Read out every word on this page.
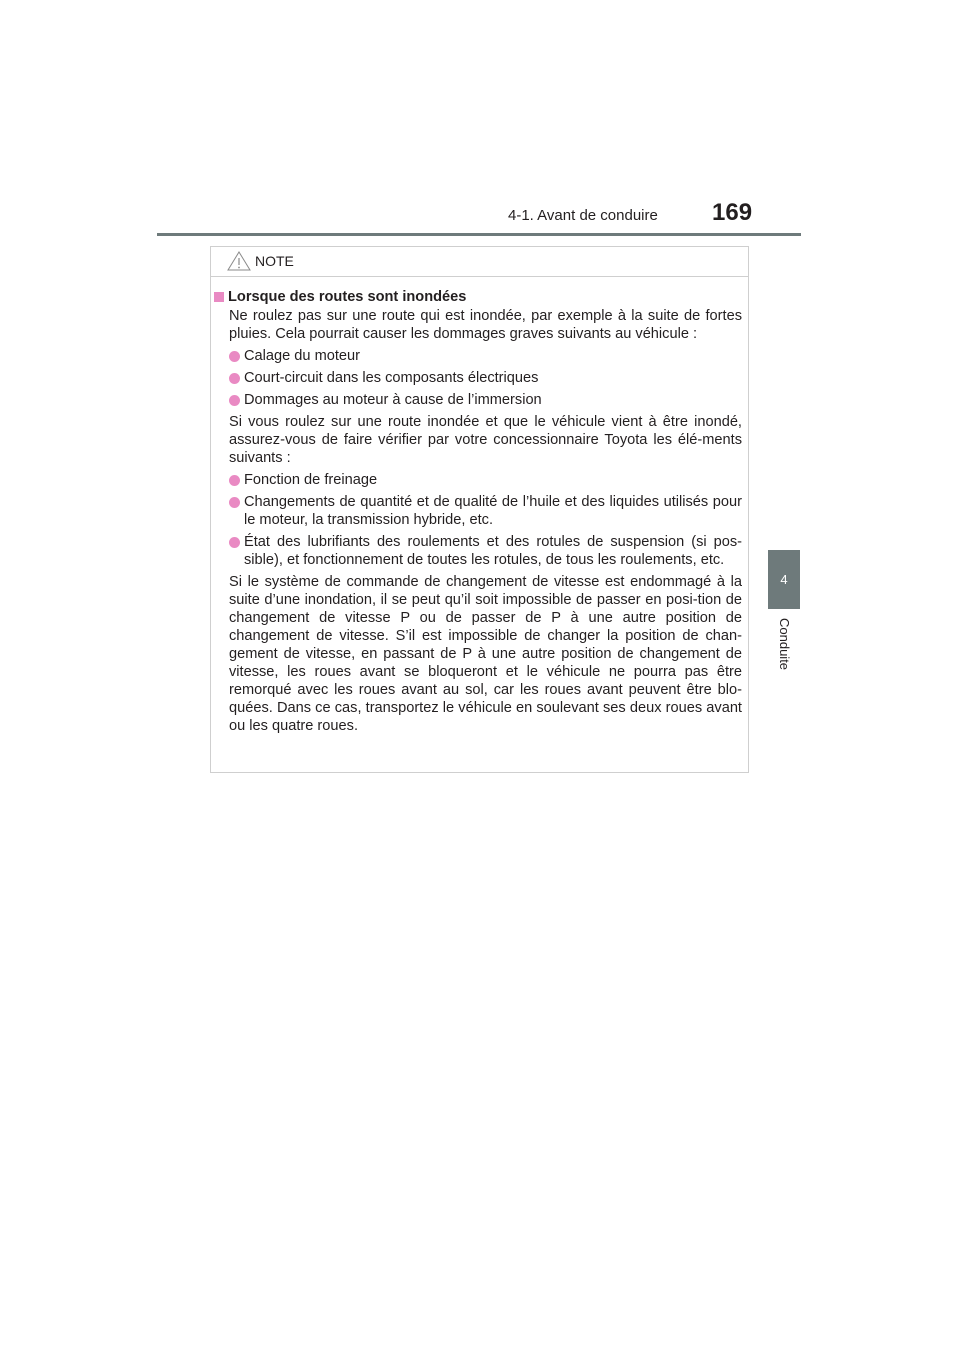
4-1. Avant de conduire	169
4
Conduite
NOTE
Lorsque des routes sont inondées

Ne roulez pas sur une route qui est inondée, par exemple à la suite de fortes pluies. Cela pourrait causer les dommages graves suivants au véhicule :

Calage du moteur
Court-circuit dans les composants électriques
Dommages au moteur à cause de l’immersion

Si vous roulez sur une route inondée et que le véhicule vient à être inondé, assurez-vous de faire vérifier par votre concessionnaire Toyota les élé-ments suivants :

Fonction de freinage
Changements de quantité et de qualité de l’huile et des liquides utilisés pour le moteur, la transmission hybride, etc.
État des lubrifiants des roulements et des rotules de suspension (si pos-sible), et fonctionnement de toutes les rotules, de tous les roulements, etc.

Si le système de commande de changement de vitesse est endommagé à la suite d’une inondation, il se peut qu’il soit impossible de passer en posi-tion de changement de vitesse P ou de passer de P à une autre position de changement de vitesse. S’il est impossible de changer la position de chan-gement de vitesse, en passant de P à une autre position de changement de vitesse, les roues avant se bloqueront et le véhicule ne pourra pas être remorqué avec les roues avant au sol, car les roues avant peuvent être blo-quées. Dans ce cas, transportez le véhicule en soulevant ses deux roues avant ou les quatre roues.
